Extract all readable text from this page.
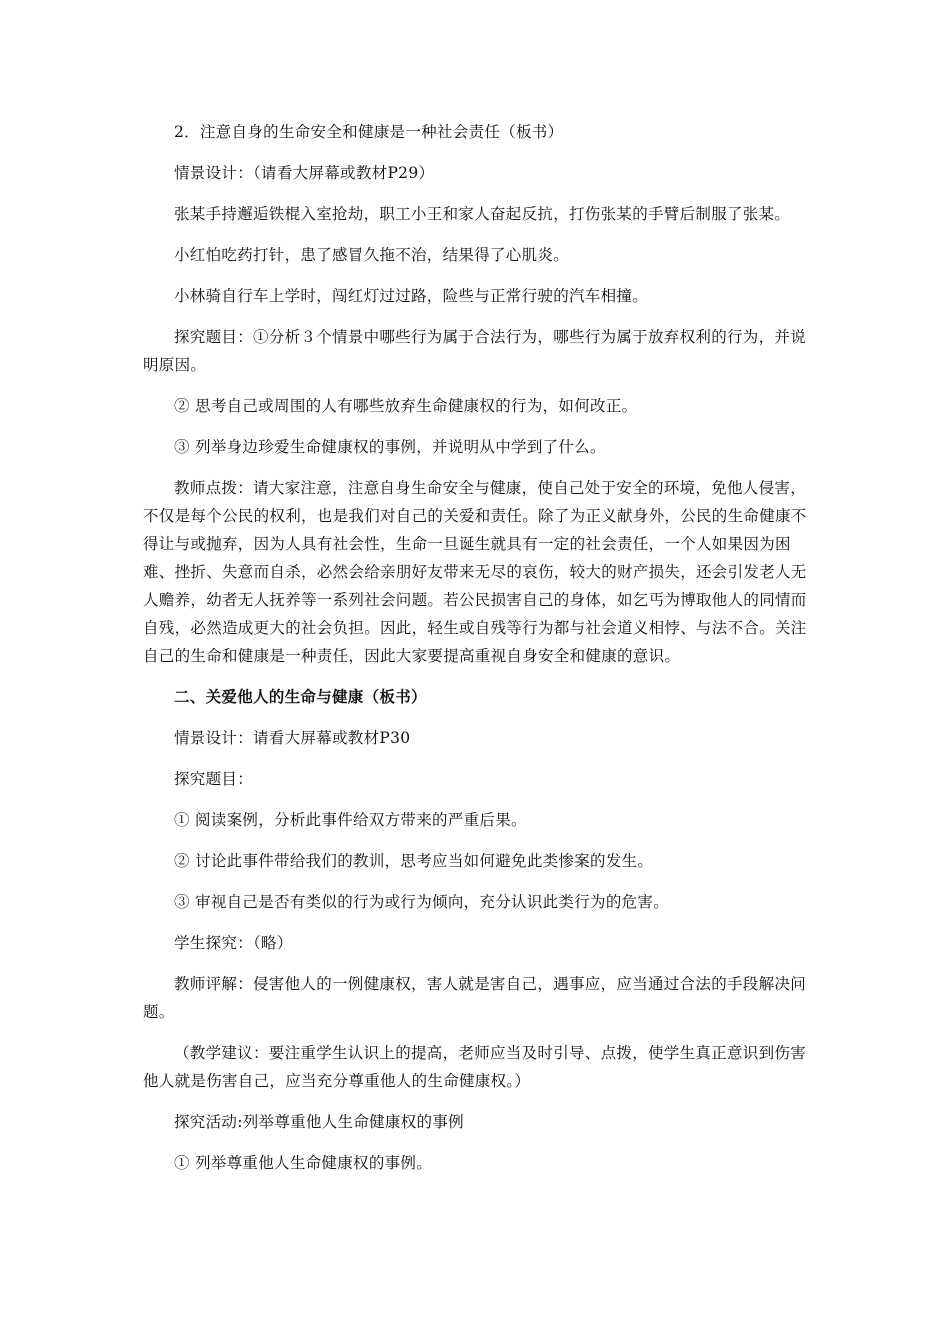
2．注意自身的生命安全和健康是一种社会责任（板书）

情景设计：（请看大屏幕或教材P29）

张某手持邂逅铁棍入室抢劫，职工小王和家人奋起反抗，打伤张某的手臂后制服了张某。

小红怕吃药打针，患了感冒久拖不治，结果得了心肌炎。

小林骑自行车上学时，闯红灯过过路，险些与正常行驶的汽车相撞。

探究题目：①分析３个情景中哪些行为属于合法行为，哪些行为属于放弃权利的行为，并说明原因。

② 思考自己或周围的人有哪些放弃生命健康权的行为，如何改正。

③ 列举身边珍爱生命健康权的事例，并说明从中学到了什么。

教师点拨：请大家注意，注意自身生命安全与健康，使自己处于安全的环境，免他人侵害，不仅是每个公民的权利，也是我们对自己的关爱和责任。除了为正义献身外，公民的生命健康不得让与或抛弃，因为人具有社会性，生命一旦诞生就具有一定的社会责任，一个人如果因为困难、挫折、失意而自杀，必然会给亲朋好友带来无尽的哀伤，较大的财产损失，还会引发老人无人赡养，幼者无人抚养等一系列社会问题。若公民损害自己的身体，如乞丐为博取他人的同情而自残，必然造成更大的社会负担。因此，轻生或自残等行为都与社会道义相悖、与法不合。关注自己的生命和健康是一种责任，因此大家要提高重视自身安全和健康的意识。

二、关爱他人的生命与健康（板书）

情景设计：请看大屏幕或教材P30

探究题目：

① 阅读案例，分析此事件给双方带来的严重后果。

② 讨论此事件带给我们的教训，思考应当如何避免此类惨案的发生。

③ 审视自己是否有类似的行为或行为倾向，充分认识此类行为的危害。

学生探究：（略）

教师评解：侵害他人的一例健康权，害人就是害自己，遇事应，应当通过合法的手段解决问题。

（教学建议：要注重学生认识上的提高，老师应当及时引导、点拨，使学生真正意识到伤害他人就是伤害自己，应当充分尊重他人的生命健康权。）

探究活动:列举尊重他人生命健康权的事例

① 列举尊重他人生命健康权的事例。
